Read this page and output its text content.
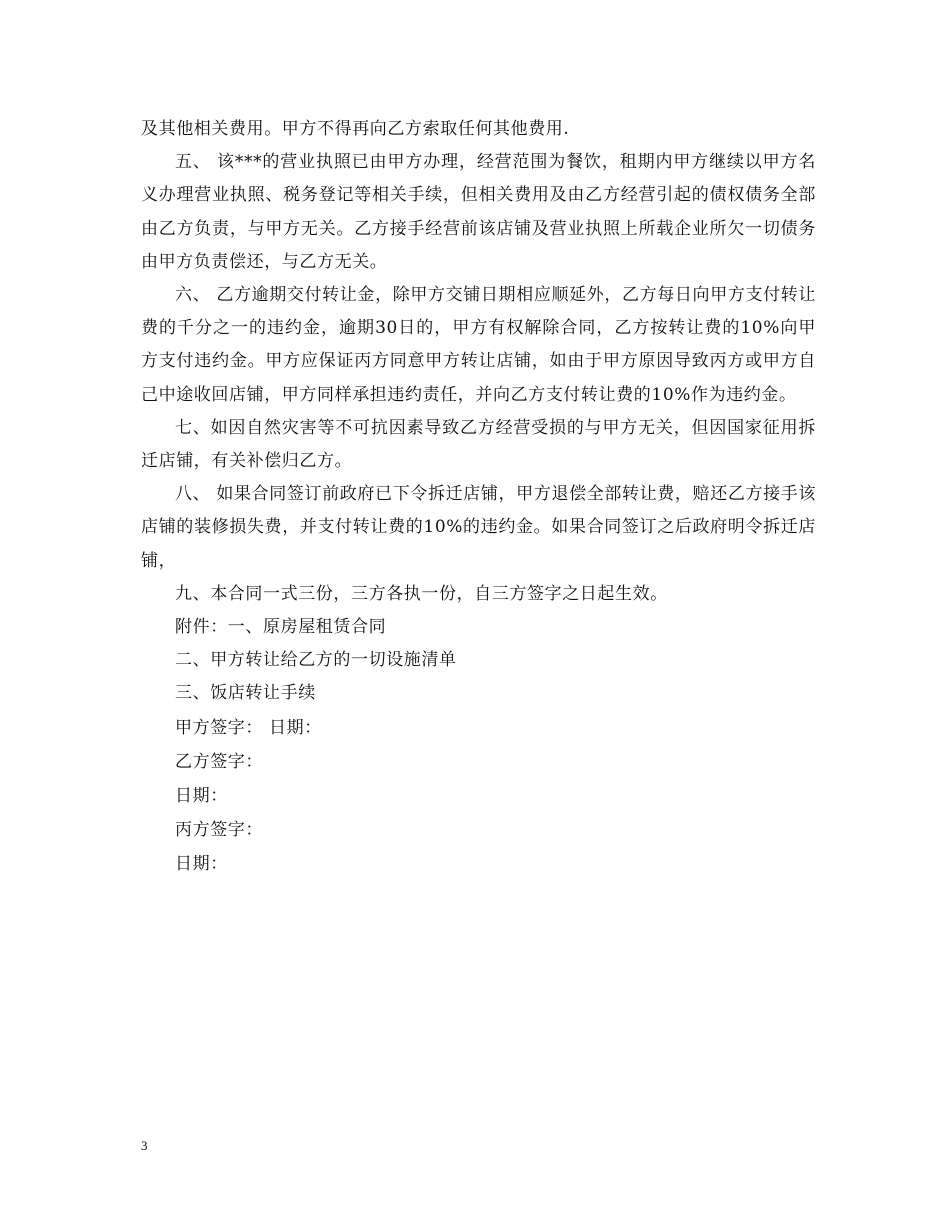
及其他相关费用。甲方不得再向乙方索取任何其他费用.

五、 该***的营业执照已由甲方办理，经营范围为餐饮，租期内甲方继续以甲方名义办理营业执照、税务登记等相关手续，但相关费用及由乙方经营引起的债权债务全部由乙方负责，与甲方无关。乙方接手经营前该店铺及营业执照上所载企业所欠一切债务由甲方负责偿还，与乙方无关。

六、 乙方逾期交付转让金，除甲方交铺日期相应顺延外，乙方每日向甲方支付转让费的千分之一的违约金，逾期30日的，甲方有权解除合同，乙方按转让费的10%向甲方支付违约金。甲方应保证丙方同意甲方转让店铺，如由于甲方原因导致丙方或甲方自己中途收回店铺，甲方同样承担违约责任，并向乙方支付转让费的10%作为违约金。

七、如因自然灾害等不可抗因素导致乙方经营受损的与甲方无关，但因国家征用拆迁店铺，有关补偿归乙方。

八、 如果合同签订前政府已下令拆迁店铺，甲方退偿全部转让费，赔还乙方接手该店铺的装修损失费，并支付转让费的10%的违约金。如果合同签订之后政府明令拆迁店铺，

九、本合同一式三份，三方各执一份，自三方签字之日起生效。

附件：一、原房屋租赁合同

二、甲方转让给乙方的一切设施清单

三、饭店转让手续

甲方签字： 日期：

乙方签字：

日期：

丙方签字：

日期：

3
